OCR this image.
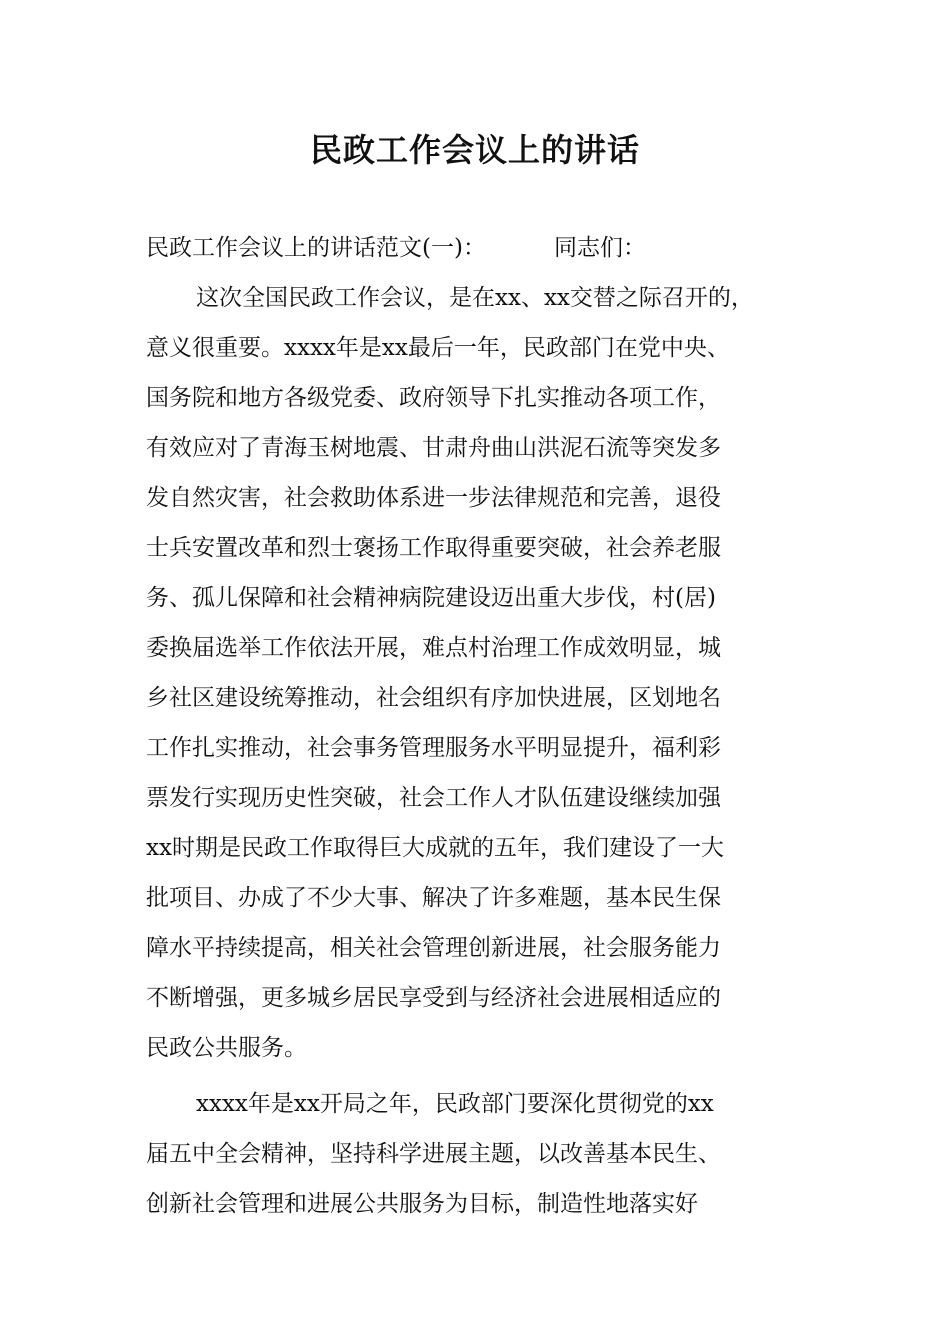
民政工作会议上的讲话
民政工作会议上的讲话范文(一)：	同志们：
这次全国民政工作会议，是在xx、xx交替之际召开的，
意义很重要。xxxx年是xx最后一年，民政部门在党中央、
国务院和地方各级党委、政府领导下扎实推动各项工作，
有效应对了青海玉树地震、甘肃舟曲山洪泥石流等突发多
发自然灾害，社会救助体系进一步法律规范和完善，退役
士兵安置改革和烈士褒扬工作取得重要突破，社会养老服
务、孤儿保障和社会精神病院建设迈出重大步伐，村(居)
委换届选举工作依法开展，难点村治理工作成效明显，城
乡社区建设统筹推动，社会组织有序加快进展，区划地名
工作扎实推动，社会事务管理服务水平明显提升，福利彩
票发行实现历史性突破，社会工作人才队伍建设继续加强
xx时期是民政工作取得巨大成就的五年，我们建设了一大
批项目、办成了不少大事、解决了许多难题，基本民生保
障水平持续提高，相关社会管理创新进展，社会服务能力
不断增强，更多城乡居民享受到与经济社会进展相适应的
民政公共服务。
xxxx年是xx开局之年，民政部门要深化贯彻党的xx
届五中全会精神，坚持科学进展主题，以改善基本民生、
创新社会管理和进展公共服务为目标，制造性地落实好
